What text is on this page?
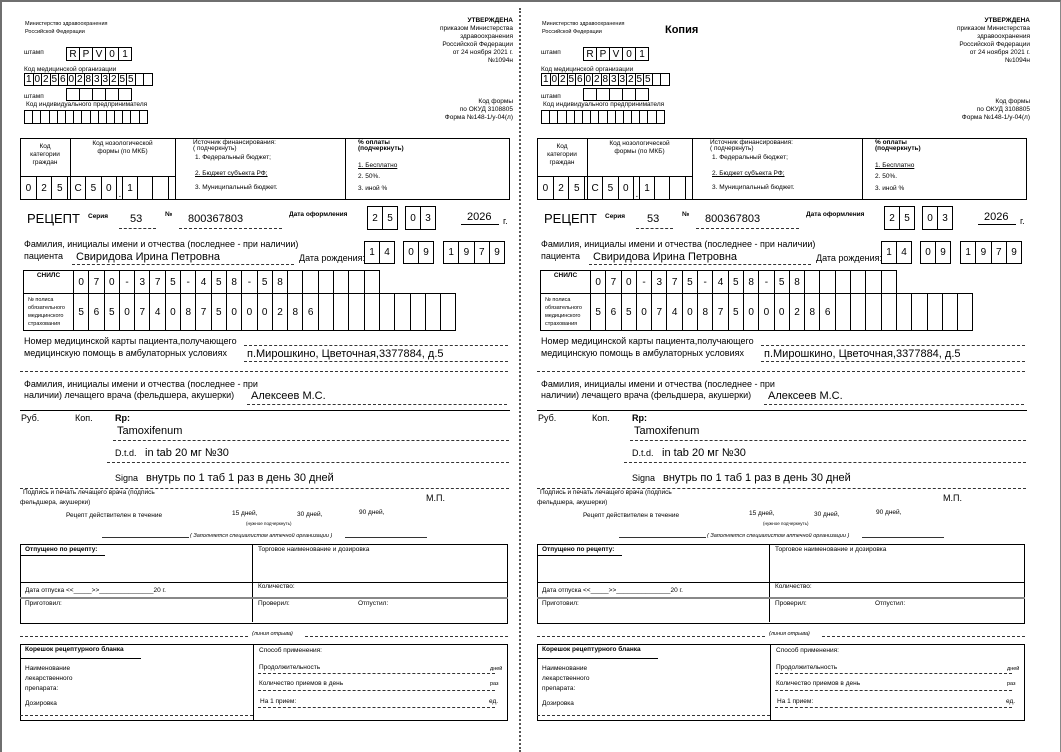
Министерство здравоохранения
Российской Федерации
УТВЕРЖДЕНА
приказом Министерства
здравоохранения
Российской Федерации
от 24 ноября 2021 г.
№1094н
Код формы
по ОКУД 3108805
Форма №148-1/у-04(л)
штамп	R P V 0 1
Код медицинской организации
1 0 2 5 6 0 2 8 3 3 2 5 5
штамп
Код индивидуального предпринимателя
Код
категории
граждан
Код нозологической
формы (по МКБ)
0	2	5	C 5 0
.
1
Источник финансирования:
( подчеркнуть)
1. Федеральный бюджет;
2. Бюджет субъекта РФ;
3. Муниципальный бюджет.
% оплаты
(подчеркнуть)
1. Бесплатно
2. 50%.
3. иной %
РЕЦЕПТ Серия 53	№ 800367803	Дата оформления	2 5	0 3	2026 г.
Фамилия, инициалы имени и отчества (последнее - при наличии)
пациента Свиридова Ирина Петровна	Дата рождения: 1 4	0 9	1 9 7 9
СНИЛС
0 7 0	-	3 7 5	-	4 5 8	-	5 8
№ полиса
обязательного
медицинского
страхования
5 6 5 0 7 4 0 8 7 5 0 0 0 2 8 6
Номер медицинской карты пациента,получающего
медицинскую помощь в амбулаторных условиях п.Мирошкино, Цветочная,3377884, д.5
Фамилия, инициалы имени и отчества (последнее - при
наличии) лечащего врача (фельдшера, акушерки) Алексеев М.С.
Руб.	Коп. Rp:
Tamoxifenum
D.t.d. in tab 20 мг №30
Signa внутрь по 1 таб 1 раз в день 30 дней
Подпись и печать лечащего врача (подпись
фельдшера, акушерки)	М.П.
Рецепт действителен в течение	15 дней,	30 дней,	90 дней,
(нужное подчеркнуть)
( Заполняется специалистом аптечной организации )
Отпущено по рецепту:	Торговое наименование и дозировка
Дата отпуска <<_____>>_______________20 г.
Количество:
Приготовил:	Проверил:	Отпустил:
(линия отрыва)
Корешок рецептурного бланка
Наименование
лекарственного
препарата:
Дозировка
Способ применения:
Продолжительность	дней
Количество приемов в день	раз
На 1 прием:	ед.
Копия
Министерство здравоохранения
Российской Федерации
УТВЕРЖДЕНА
приказом Министерства
здравоохранения
Российской Федерации
от 24 ноября 2021 г.
№1094н
Код формы
по ОКУД 3108805
Форма №148-1/у-04(л)
штамп	R P V 0 1
Код медицинской организации
1 0 2 5 6 0 2 8 3 3 2 5 5
штамп
Код индивидуального предпринимателя
Код
категории
граждан
Код нозологической
формы (по МКБ)
0	2	5	C 5 0
.
1
Источник финансирования:
( подчеркнуть)
1. Федеральный бюджет;
2. Бюджет субъекта РФ;
3. Муниципальный бюджет.
% оплаты
(подчеркнуть)
1. Бесплатно
2. 50%.
3. иной %
РЕЦЕПТ Серия 53	№ 800367803	Дата оформления	2 5	0 3	2026 г.
Фамилия, инициалы имени и отчества (последнее - при наличии)
пациента Свиридова Ирина Петровна	Дата рождения: 1 4	0 9	1 9 7 9
СНИЛС
0 7 0	-	3 7 5	-	4 5 8	-	5 8
№ полиса
обязательного
медицинского
страхования
5 6 5 0 7 4 0 8 7 5 0 0 0 2 8 6
Номер медицинской карты пациента,получающего
медицинскую помощь в амбулаторных условиях п.Мирошкино, Цветочная,3377884, д.5
Фамилия, инициалы имени и отчества (последнее - при
наличии) лечащего врача (фельдшера, акушерки) Алексеев М.С.
Руб.	Коп. Rp:
Tamoxifenum
D.t.d. in tab 20 мг №30
Signa внутрь по 1 таб 1 раз в день 30 дней
Подпись и печать лечащего врача (подпись
фельдшера, акушерки)	М.П.
Рецепт действителен в течение	15 дней,	30 дней,	90 дней,
(нужное подчеркнуть)
( Заполняется специалистом аптечной организации )
Отпущено по рецепту:	Торговое наименование и дозировка
Дата отпуска <<_____>>_______________20 г.
Количество:
Приготовил:	Проверил:	Отпустил:
(линия отрыва)
Корешок рецептурного бланка
Наименование
лекарственного
препарата:
Дозировка
Способ применения:
Продолжительность	дней
Количество приемов в день	раз
На 1 прием:	ед.
